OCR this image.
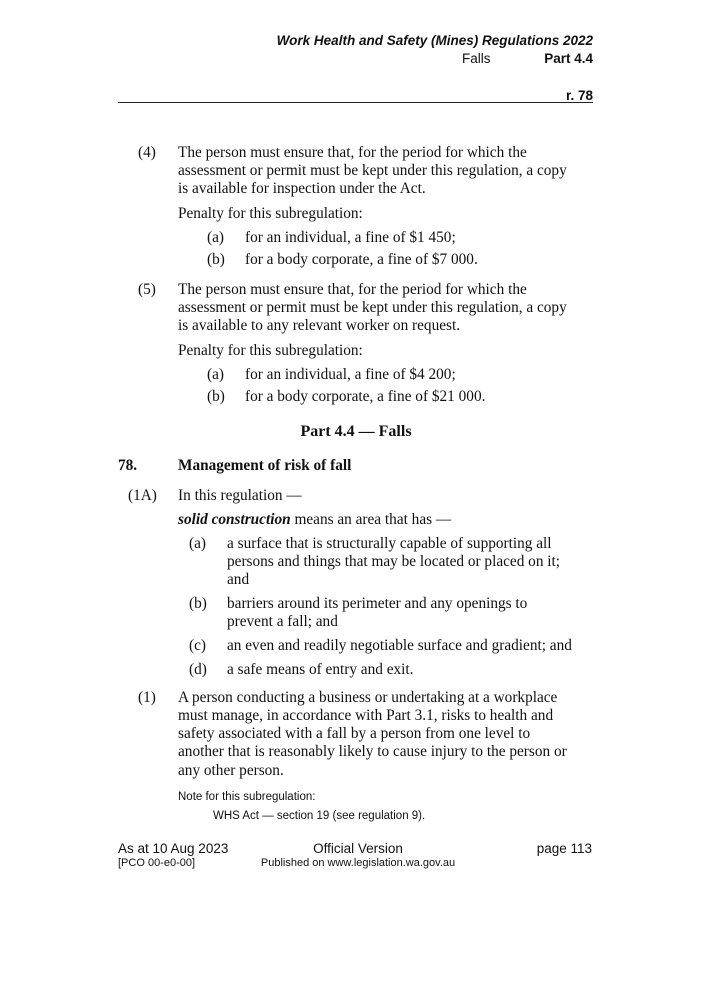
Work Health and Safety (Mines) Regulations 2022
Falls	Part 4.4
r. 78
(4) The person must ensure that, for the period for which the
assessment or permit must be kept under this regulation, a copy
is available for inspection under the Act.
Penalty for this subregulation:
(a) for an individual, a fine of $1 450;
(b) for a body corporate, a fine of $7 000.
(5) The person must ensure that, for the period for which the
assessment or permit must be kept under this regulation, a copy
is available to any relevant worker on request.
Penalty for this subregulation:
(a) for an individual, a fine of $4 200;
(b) for a body corporate, a fine of $21 000.
Part 4.4 — Falls
78.	Management of risk of fall
(1A) In this regulation —
solid construction means an area that has —
(a) a surface that is structurally capable of supporting all
persons and things that may be located or placed on it;
and
(b) barriers around its perimeter and any openings to
prevent a fall; and
(c) an even and readily negotiable surface and gradient; and
(d) a safe means of entry and exit.
(1) A person conducting a business or undertaking at a workplace
must manage, in accordance with Part 3.1, risks to health and
safety associated with a fall by a person from one level to
another that is reasonably likely to cause injury to the person or
any other person.
Note for this subregulation:
WHS Act — section 19 (see regulation 9).
As at 10 Aug 2023
[PCO 00-e0-00]
Official Version
Published on www.legislation.wa.gov.au
page 113
